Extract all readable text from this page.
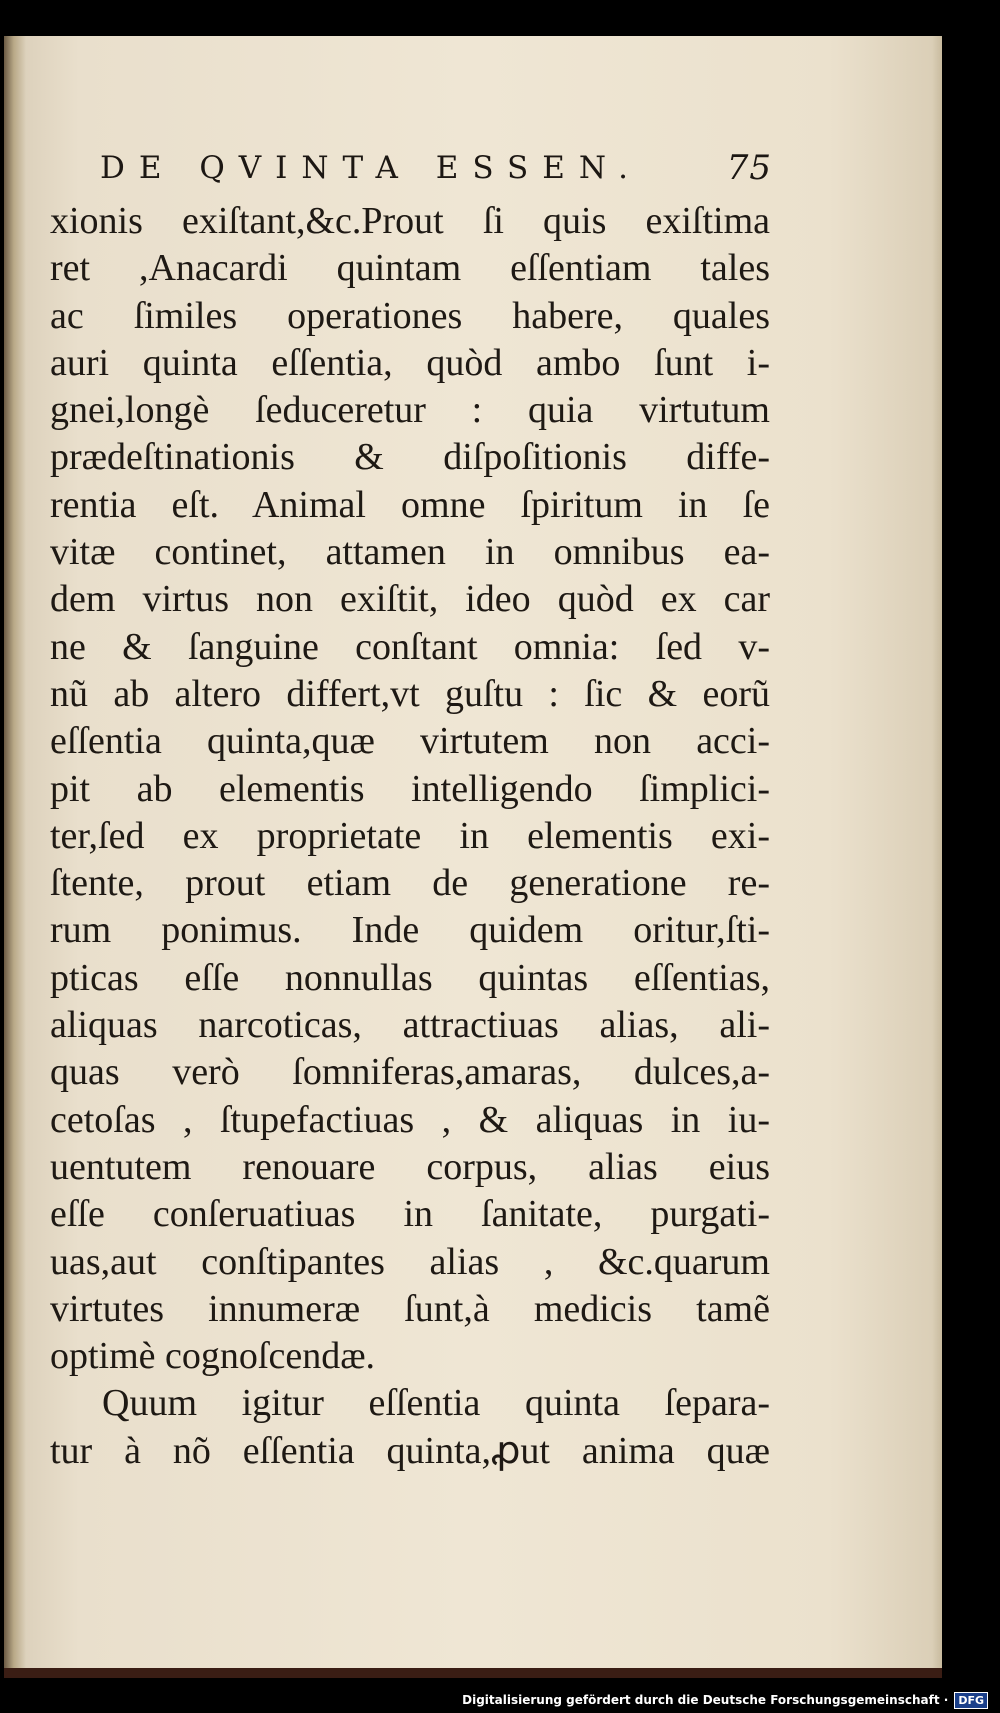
DE QVINTA ESSEN. 75
xionis exiſtant,&c.Prout ſi quis exiſtima
ret ,Anacardi quintam eſſentiam tales
ac ſimiles operationes habere, quales
auri quinta eſſentia, quòd ambo ſunt i-
gnei,longè ſeduceretur : quia virtutum
prædeſtinationis & diſpoſitionis diffe-
rentia eſt. Animal omne ſpiritum in ſe
vitæ continet, attamen in omnibus ea-
dem virtus non exiſtit, ideo quòd ex car
ne & ſanguine conſtant omnia: ſed v-
nũ ab altero differt,vt guſtu : ſic & eorũ
eſſentia quinta,quæ virtutem non acci-
pit ab elementis intelligendo ſimplici-
ter,ſed ex proprietate in elementis exi-
ſtente, prout etiam de generatione re-
rum ponimus. Inde quidem oritur,ſti-
pticas eſſe nonnullas quintas eſſentias,
aliquas narcoticas, attractiuas alias, ali-
quas verò ſomniferas,amaras, dulces,a-
cetoſas , ſtupefactiuas , & aliquas in iu-
uentutem renouare corpus, alias eius
eſſe conſeruatiuas in ſanitate, purgati-
uas,aut conſtipantes alias , &c.quarum
virtutes innumeræ ſunt,à medicis tamẽ
optimè cognoſcendæ.
Quum igitur eſſentia quinta ſepara-
tur à nõ eſſentia quinta,ꝓut anima quæ
Digitalisierung gefördert durch die Deutsche Forschungsgemeinschaft · DFG
